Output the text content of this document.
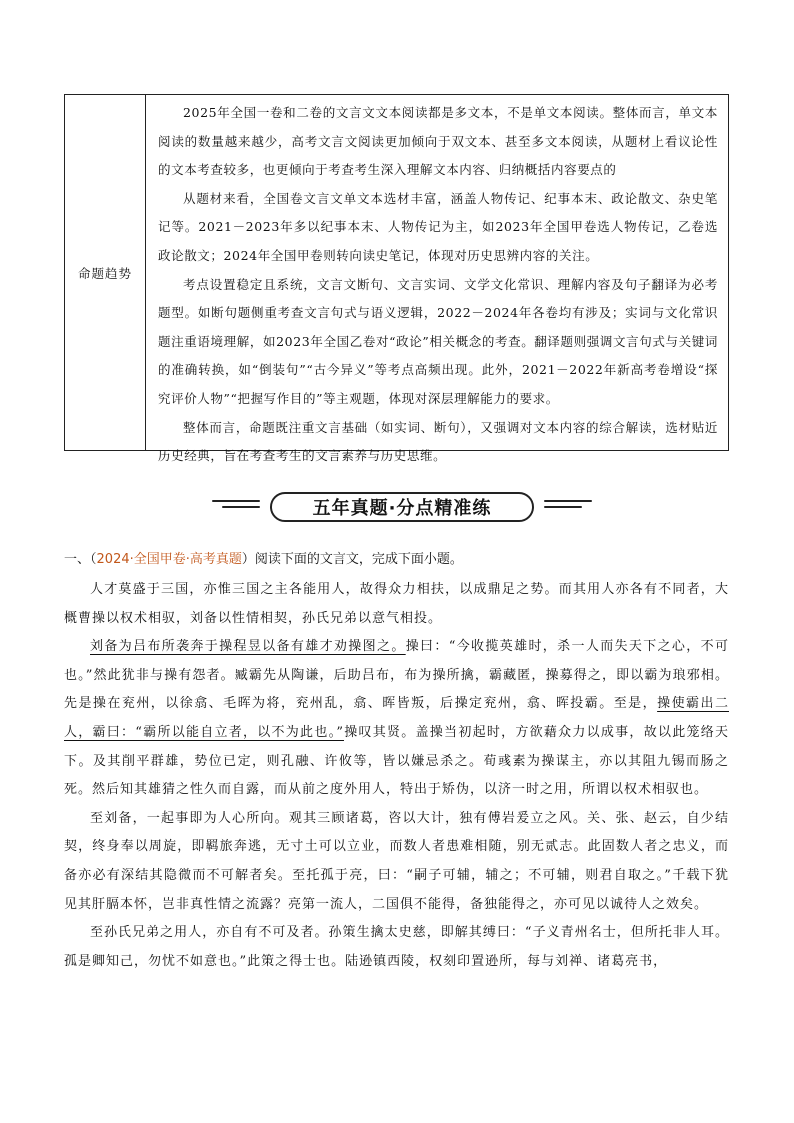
命题趋势

2025年全国一卷和二卷的文言文文本阅读都是多文本，不是单文本阅读。整体而言，单文本阅读的数量越来越少，高考文言文阅读更加倾向于双文本、甚至多文本阅读，从题材上看议论性的文本考查较多，也更倾向于考查考生深入理解文本内容、归纳概括内容要点的

从题材来看，全国卷文言文单文本选材丰富，涵盖人物传记、纪事本末、政论散文、杂史笔记等。2021－2023年多以纪事本末、人物传记为主，如2023年全国甲卷选人物传记，乙卷选政论散文；2024年全国甲卷则转向读史笔记，体现对历史思辨内容的关注。

考点设置稳定且系统，文言文断句、文言实词、文学文化常识、理解内容及句子翻译为必考题型。如断句题侧重考查文言句式与语义逻辑，2022－2024年各卷均有涉及；实词与文化常识题注重语境理解，如2023年全国乙卷对“政论”相关概念的考查。翻译题则强调文言句式与关键词的准确转换，如“倒装句”“古今异义”等考点高频出现。此外，2021－2022年新高考卷增设“探究评价人物”“把握写作目的”等主观题，体现对深层理解能力的要求。

整体而言，命题既注重文言基础（如实词、断句），又强调对文本内容的综合解读，选材贴近历史经典，旨在考查考生的文言素养与历史思维。

五年真题·分点精准练
一、（2024·全国甲卷·高考真题）阅读下面的文言文，完成下面小题。

人才莫盛于三国，亦惟三国之主各能用人，故得众力相扶，以成鼎足之势。而其用人亦各有不同者，大概曹操以权术相驭，刘备以性情相契，孙氏兄弟以意气相投。

刘备为吕布所袭奔于操程昱以备有雄才劝操图之。操曰：“今收揽英雄时，杀一人而失天下之心，不可也。”然此犹非与操有怨者。臧霸先从陶谦，后助吕布，布为操所擒，霸藏匿，操募得之，即以霸为琅邪相。先是操在兖州，以徐翕、毛晖为将，兖州乱，翕、晖皆叛，后操定兖州，翕、晖投霸。至是，操使霸出二人，霸曰：“霸所以能自立者，以不为此也。”操叹其贤。盖操当初起时，方欲藉众力以成事，故以此笼络天下。及其削平群雄，势位已定，则孔融、许攸等，皆以嫌忌杀之。荀彧素为操谋主，亦以其阻九锡而肠之死。然后知其雄猜之性久而自露，而从前之度外用人，特出于矫伪，以济一时之用，所谓以权术相驭也。

至刘备，一起事即为人心所向。观其三顾诸葛，咨以大计，独有傅岩爰立之风。关、张、赵云，自少结契，终身奉以周旋，即羁旅奔逃，无寸土可以立业，而数人者患难相随，别无贰志。此固数人者之忠义，而备亦必有深结其隐微而不可解者矣。至托孤于亮，曰：“嗣子可辅，辅之；不可辅，则君自取之。”千载下犹见其肝膈本怀，岂非真性情之流露？亮第一流人，二国俱不能得，备独能得之，亦可见以诚待人之效矣。

至孙氏兄弟之用人，亦自有不可及者。孙策生擒太史慈，即解其缚曰：“子义青州名士，但所托非人耳。孤是卿知己，勿忧不如意也。”此策之得士也。陆逊镇西陵，权刻印置逊所，每与刘禅、诸葛亮书，
